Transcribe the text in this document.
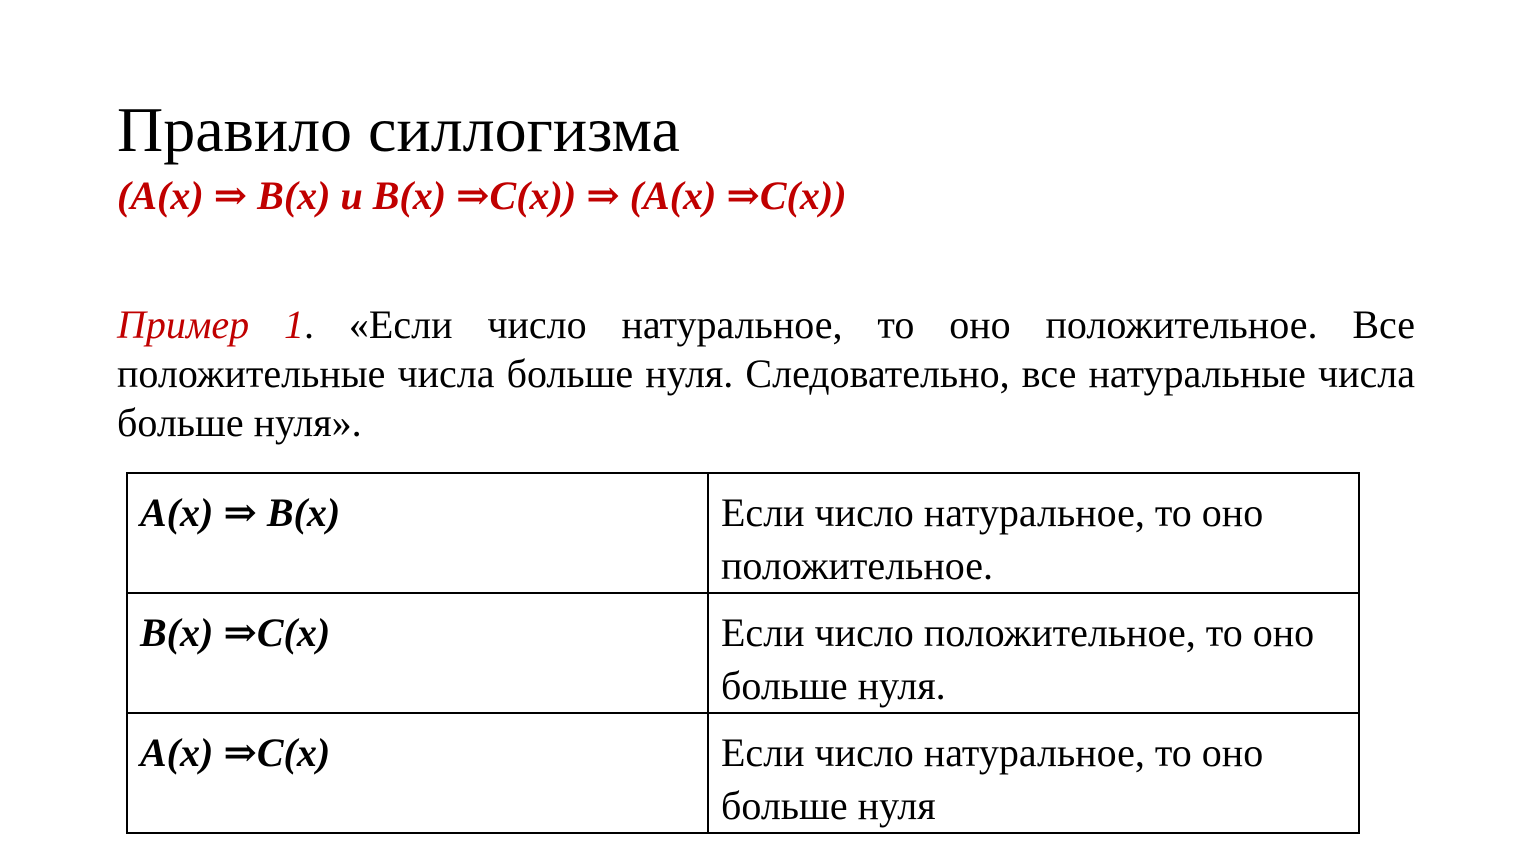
Правило силлогизма

(A(x) ⇒ B(x) и B(x) ⇒C(x)) ⇒ (A(x) ⇒C(x))

Пример 1. «Если число натуральное, то оно положительное. Все положительные числа больше нуля. Следовательно, все натуральные числа больше нуля».

A(x) ⇒ B(x)	Если число натуральное, то оно положительное.
B(x) ⇒C(x)	Если число положительное, то оно больше нуля.
A(x) ⇒C(x)	Если число натуральное, то оно больше нуля
